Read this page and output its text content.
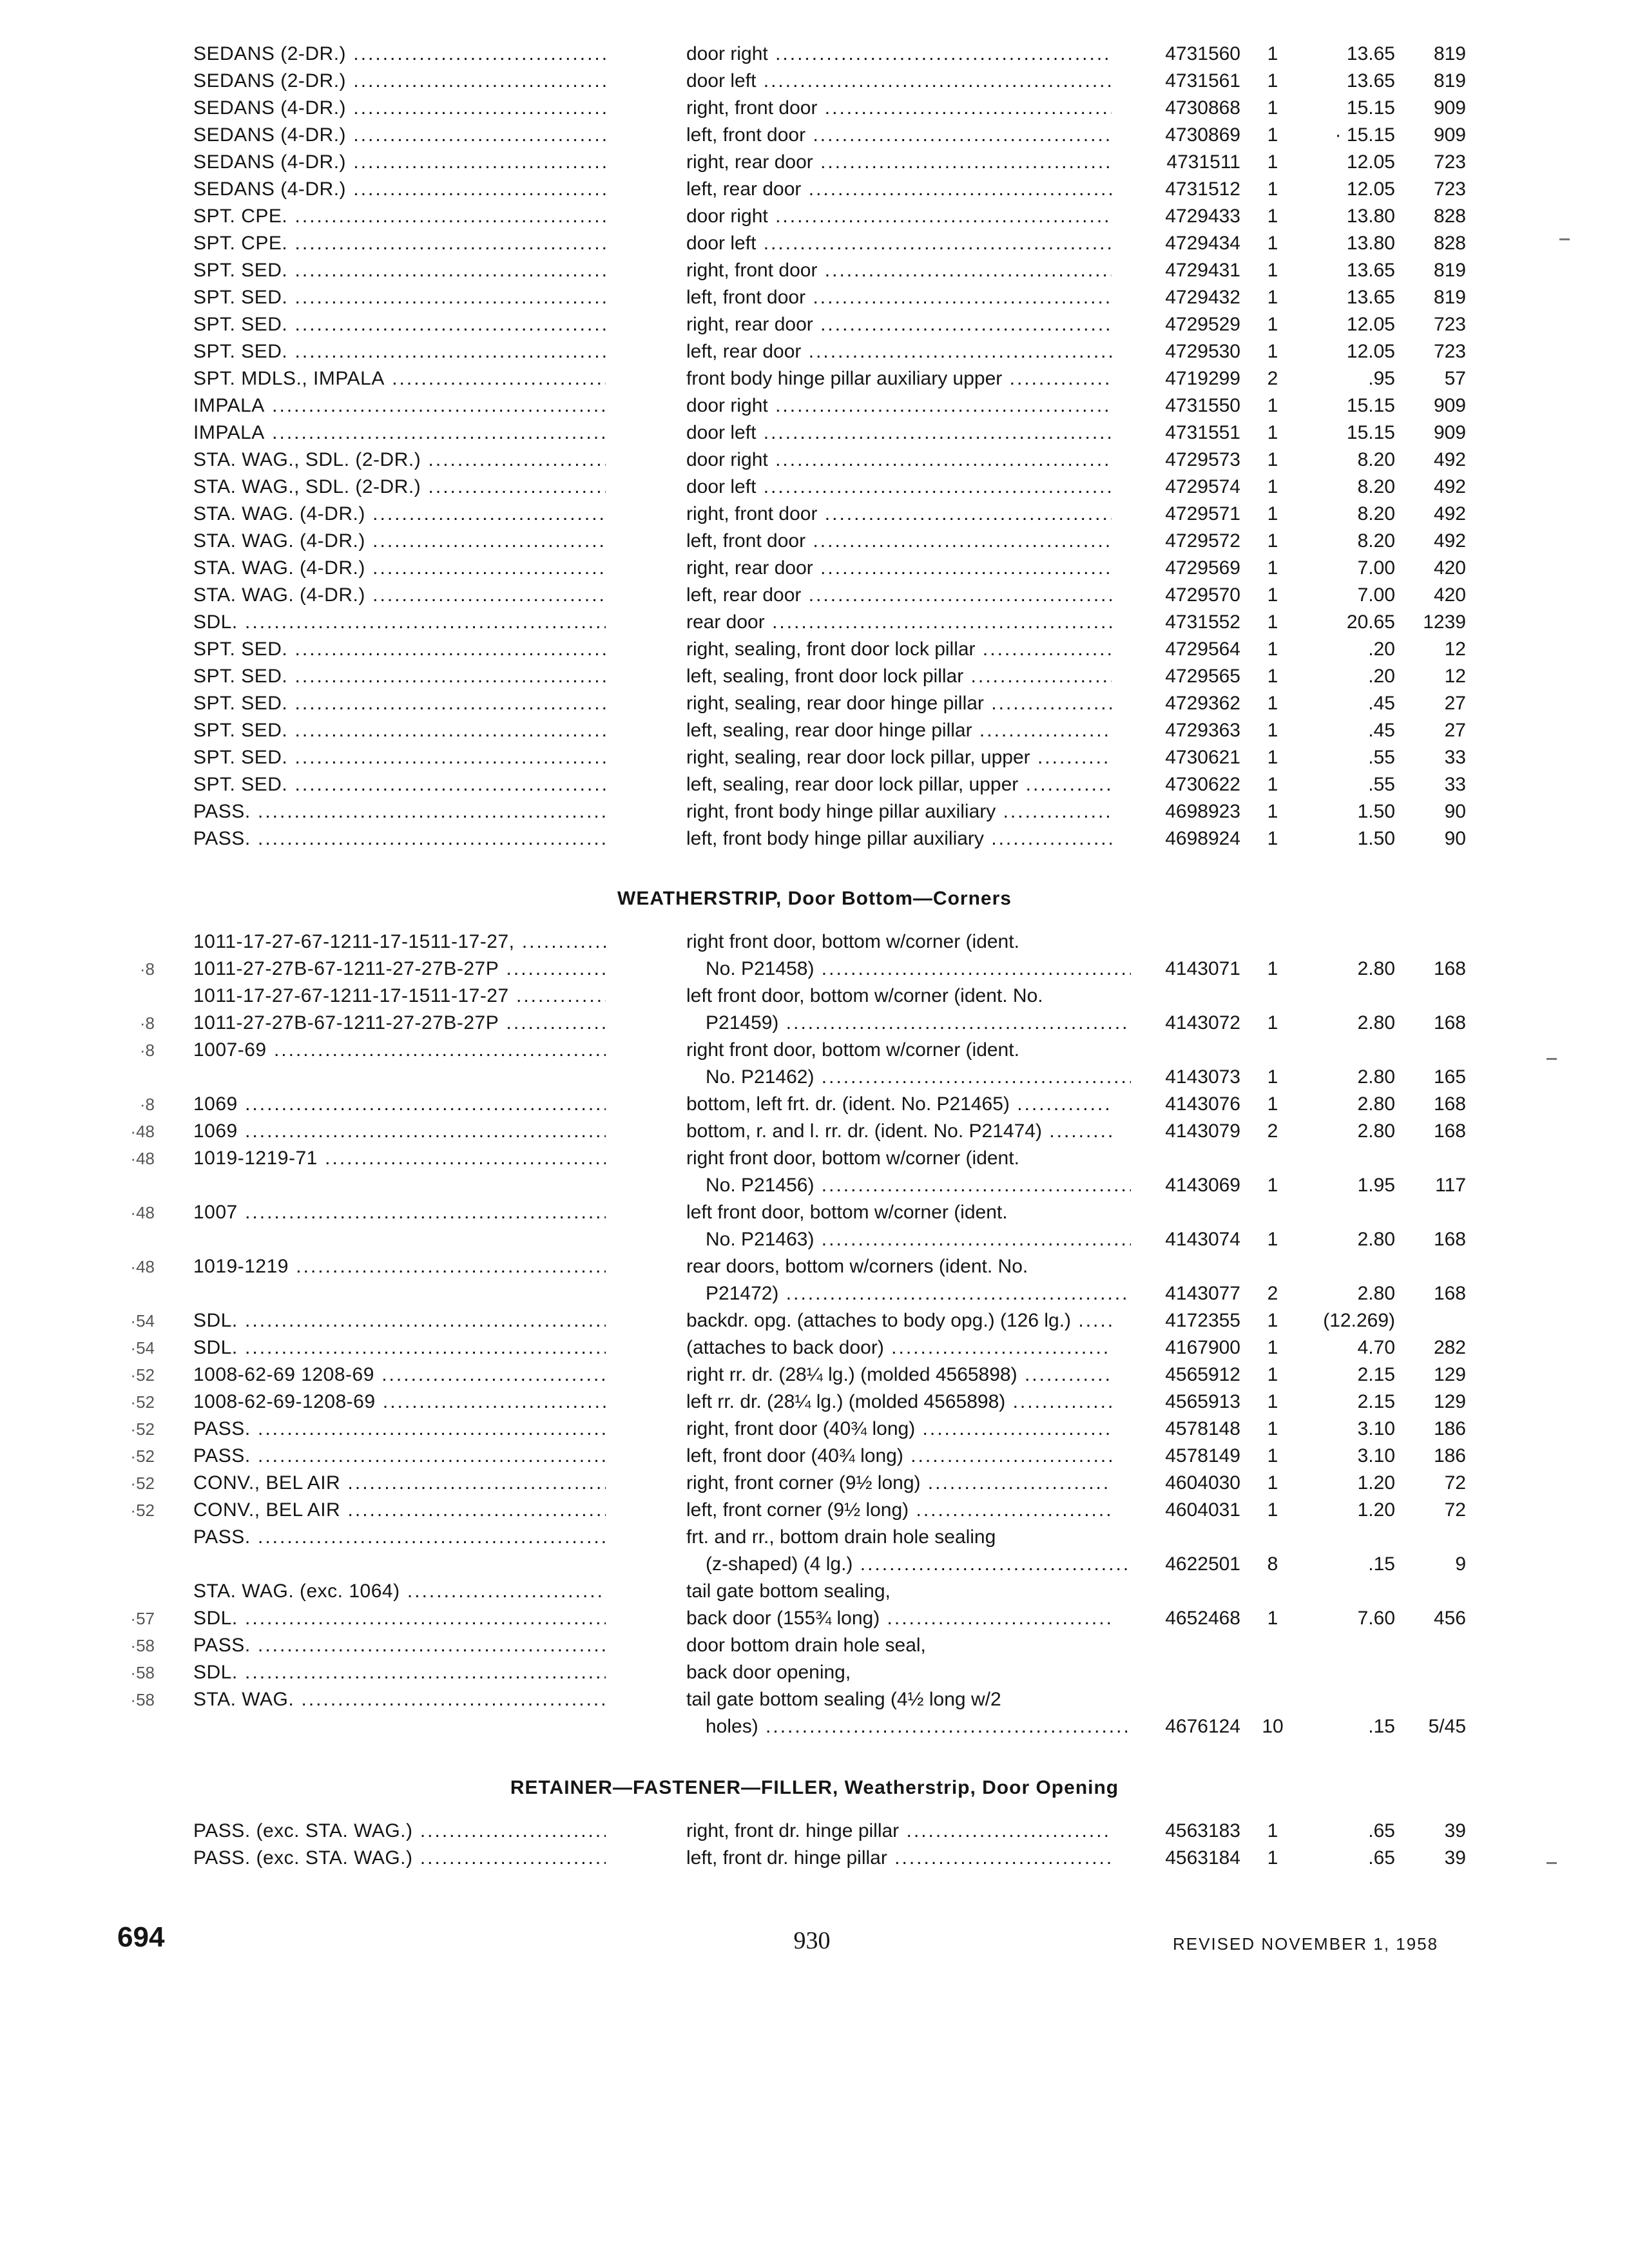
SEDANS (2-DR.) .....	door right .....	4731560	1	13.65	819
SEDANS (2-DR.) .....	door left .....	4731561	1	13.65	819
SEDANS (4-DR.) .....	right, front door .....	4730868	1	15.15	909
SEDANS (4-DR.) .....	left, front door .....	4730869	1	· 15.15	909
SEDANS (4-DR.) .....	right, rear door .....	4731511	1	12.05	723
SEDANS (4-DR.) .....	left, rear door .....	4731512	1	12.05	723
SPT. CPE. .....	door right .....	4729433	1	13.80	828
SPT. CPE. .....	door left .....	4729434	1	13.80	828
SPT. SED. .....	right, front door .....	4729431	1	13.65	819
SPT. SED. .....	left, front door .....	4729432	1	13.65	819
SPT. SED. .....	right, rear door .....	4729529	1	12.05	723
SPT. SED. .....	left, rear door .....	4729530	1	12.05	723
SPT. MDLS., IMPALA .....	front body hinge pillar auxiliary upper .....	4719299	2	.95	57
IMPALA .....	door right .....	4731550	1	15.15	909
IMPALA .....	door left .....	4731551	1	15.15	909
STA. WAG., SDL. (2-DR.) .....	door right .....	4729573	1	8.20	492
STA. WAG., SDL. (2-DR.) .....	door left .....	4729574	1	8.20	492
STA. WAG. (4-DR.) .....	right, front door .....	4729571	1	8.20	492
STA. WAG. (4-DR.) .....	left, front door .....	4729572	1	8.20	492
STA. WAG. (4-DR.) .....	right, rear door .....	4729569	1	7.00	420
STA. WAG. (4-DR.) .....	left, rear door .....	4729570	1	7.00	420
SDL. .....	rear door .....	4731552	1	20.65	1239
SPT. SED. .....	right, sealing, front door lock pillar .....	4729564	1	.20	12
SPT. SED. .....	left, sealing, front door lock pillar .....	4729565	1	.20	12
SPT. SED. .....	right, sealing, rear door hinge pillar .....	4729362	1	.45	27
SPT. SED. .....	left, sealing, rear door hinge pillar .....	4729363	1	.45	27
SPT. SED. .....	right, sealing, rear door lock pillar, upper .....	4730621	1	.55	33
SPT. SED. .....	left, sealing, rear door lock pillar, upper .....	4730622	1	.55	33
PASS. .....	right, front body hinge pillar auxiliary .....	4698923	1	1.50	90
PASS. .....	left, front body hinge pillar auxiliary .....	4698924	1	1.50	90
WEATHERSTRIP, Door Bottom—Corners
1011-17-27-67-1211-17-1511-17-27, .....	right front door, bottom w/corner (ident.
·8 1011-27-27B-67-1211-27-27B-27P .....	No. P21458) .....	4143071	1	2.80	168
1011-17-27-67-1211-17-1511-17-27 .....	left front door, bottom w/corner (ident. No.
·8 1011-27-27B-67-1211-27-27B-27P .....	P21459) .....	4143072	1	2.80	168
·8 1007-69 .....	right front door, bottom w/corner (ident.
No. P21462) .....	4143073	1	2.80	165
·8 1069 .....	bottom, left frt. dr. (ident. No. P21465) .....	4143076	1	2.80	168
·48 1069 .....	bottom, r. and l. rr. dr. (ident. No. P21474) .....	4143079	2	2.80	168
·48 1019-1219-71 .....	right front door, bottom w/corner (ident.
No. P21456) .....	4143069	1	1.95	117
·48 1007 .....	left front door, bottom w/corner (ident.
No. P21463) .....	4143074	1	2.80	168
·48 1019-1219 .....	rear doors, bottom w/corners (ident. No.
P21472) .....	4143077	2	2.80	168
·54 SDL. .....	backdr. opg. (attaches to body opg.) (126 lg.) .....	4172355	1	(12.269)
·54 SDL. .....	(attaches to back door) .....	4167900	1	4.70	282
·52 1008-62-69 1208-69 .....	right rr. dr. (28¼ lg.) (molded 4565898) .....	4565912	1	2.15	129
·52 1008-62-69-1208-69 .....	left rr. dr. (28¼ lg.) (molded 4565898) .....	4565913	1	2.15	129
·52 PASS. .....	right, front door (40¾ long) .....	4578148	1	3.10	186
·52 PASS. .....	left, front door (40¾ long) .....	4578149	1	3.10	186
·52 CONV., BEL AIR .....	right, front corner (9½ long) .....	4604030	1	1.20	72
·52 CONV., BEL AIR .....	left, front corner (9½ long) .....	4604031	1	1.20	72
PASS. .....	frt. and rr., bottom drain hole sealing
(z-shaped) (4 lg.) .....	4622501	8	.15	9
STA. WAG. (exc. 1064) .....	tail gate bottom sealing,
·57 SDL. .....	back door (155¾ long) .....	4652468	1	7.60	456
·58 PASS. .....	door bottom drain hole seal,
·58 SDL. .....	back door opening,
·58 STA. WAG. .....	tail gate bottom sealing (4½ long w/2
holes) .....	4676124	10	.15	5/45
RETAINER—FASTENER—FILLER, Weatherstrip, Door Opening
PASS. (exc. STA. WAG.) .....	right, front dr. hinge pillar .....	4563183	1	.65	39
PASS. (exc. STA. WAG.) .....	left, front dr. hinge pillar .....	4563184	1	.65	39
694	930	REVISED NOVEMBER 1, 1958
